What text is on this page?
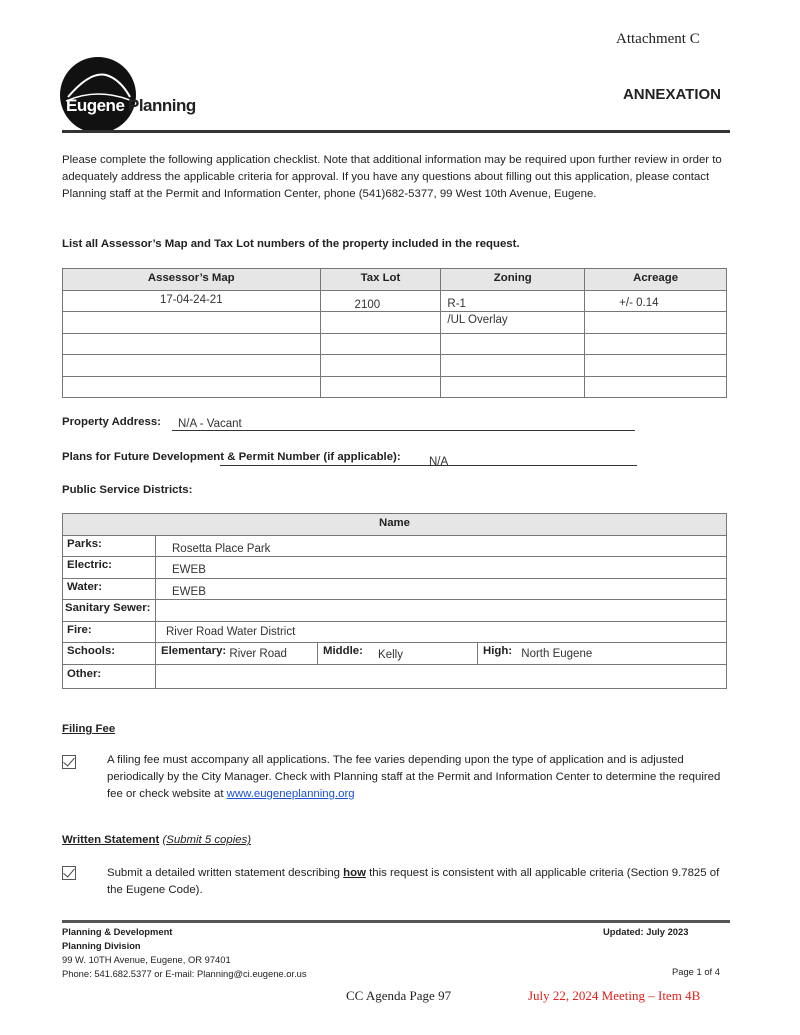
Attachment C
Eugene Planning
ANNEXATION
Please complete the following application checklist. Note that additional information may be required upon further review in order to adequately address the applicable criteria for approval. If you have any questions about filling out this application, please contact Planning staff at the Permit and Information Center, phone (541)682-5377, 99 West 10th Avenue, Eugene.
List all Assessor’s Map and Tax Lot numbers of the property included in the request.
Assessor’s Map	Tax Lot	Zoning	Acreage
17-04-24-21	2100	R-1	+/- 0.14
		/UL Overlay	

Property Address:	N/A - Vacant
Plans for Future Development & Permit Number (if applicable):	N/A
Public Service Districts:
Name	
Parks:	Rosetta Place Park
Electric:	EWEB
Water:	EWEB
Sanitary Sewer:	
Fire:	River Road Water District
Schools:	Elementary: River Road Middle: Kelly High: North Eugene

Other:	
Filing Fee
A filing fee must accompany all applications. The fee varies depending upon the type of application and is adjusted periodically by the City Manager. Check with Planning staff at the Permit and Information Center to determine the required fee or check website at www.eugeneplanning.org
Written Statement (Submit 5 copies)
Submit a detailed written statement describing how this request is consistent with all applicable criteria (Section 9.7825 of the Eugene Code).
Planning & Development
Planning Division
99 W. 10TH Avenue, Eugene, OR 97401
Phone: 541.682.5377 or E-mail: Planning@ci.eugene.or.us
Updated: July 2023
Page 1 of 4
CC Agenda Page 97	July 22, 2024 Meeting – Item 4B
